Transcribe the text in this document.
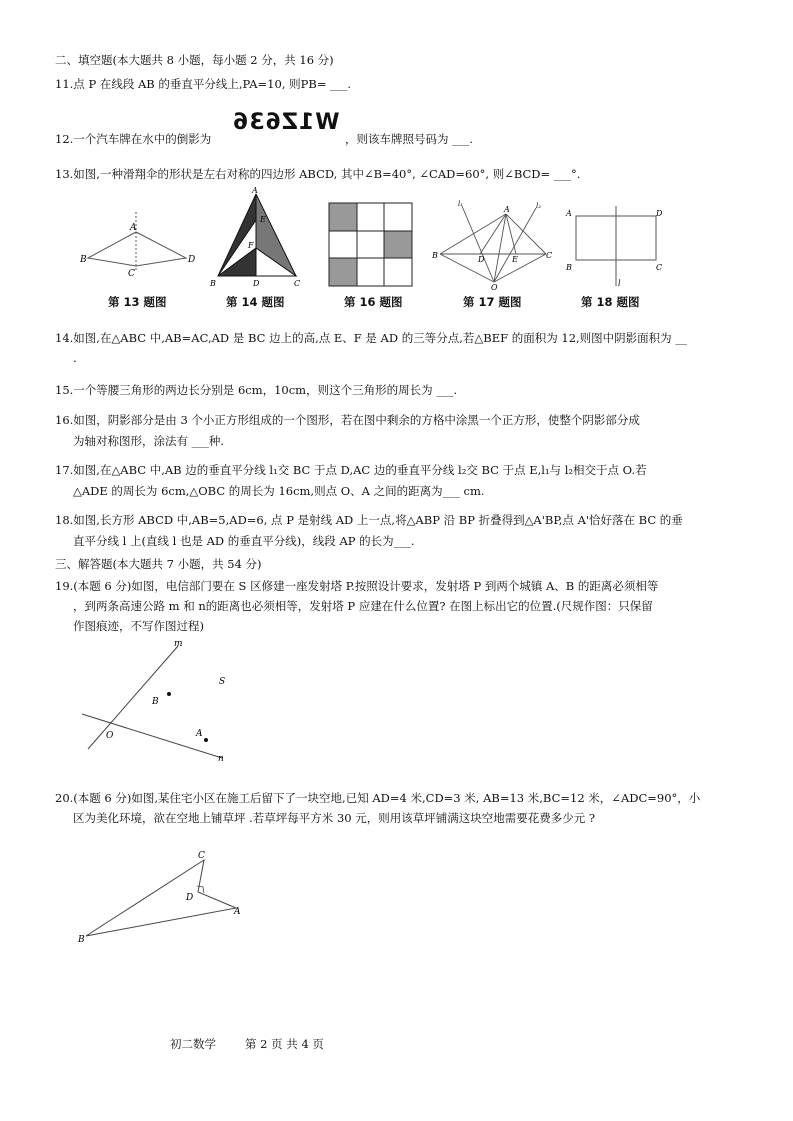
二、填空题(本大题共 8 小题，每小题 2 分，共 16 分)
11.点 P 在线段 AB 的垂直平分线上,PA=10, 则PB= ___.
12.一个汽车牌在水中的倒影为
W1Z636
，则该车牌照号码为 ___.
13.如图,一种滑翔伞的形状是左右对称的四边形 ABCD, 其中∠B=40°, ∠CAD=60°, 则∠BCD= ___°.
A
B
C
D
A
E
F
B	D	C
A
B	D	E	C
O
l₁	l₂
A	D
B	C
l
第 13 题图	第 14 题图	第 16 题图	第 17 题图	第 18 题图
14.如图,在△ABC 中,AB=AC,AD 是 BC 边上的高,点 E、F 是 AD 的三等分点,若△BEF 的面积为 12,则图中阴影面积为 __
.
15.一个等腰三角形的两边长分别是 6cm，10cm，则这个三角形的周长为 ___.
16.如图，阴影部分是由 3 个小正方形组成的一个图形，若在图中剩余的方格中涂黑一个正方形，使整个阴影部分成
为轴对称图形，涂法有 ___种.
17.如图,在△ABC 中,AB 边的垂直平分线 l₁交 BC 于点 D,AC 边的垂直平分线 l₂交 BC 于点 E,l₁与 l₂相交于点 O.若
△ADE 的周长为 6cm,△OBC 的周长为 16cm,则点 O、A 之间的距离为___ cm.
18.如图,长方形 ABCD 中,AB=5,AD=6, 点 P 是射线 AD 上一点,将△ABP 沿 BP 折叠得到△A'BP,点 A'恰好落在 BC 的垂
直平分线 l 上(直线 l 也是 AD 的垂直平分线)，线段 AP 的长为___.
三、解答题(本大题共 7 小题，共 54 分)
19.(本题 6 分)如图，电信部门要在 S 区修建一座发射塔 P.按照设计要求，发射塔 P 到两个城镇 A、B 的距离必须相等
，到两条高速公路 m 和 n的距离也必须相等，发射塔 P 应建在什么位置? 在图上标出它的位置.(尺规作图：只保留
作图痕迹，不写作图过程)
m
S
B
A
O
n
20.(本题 6 分)如图,某住宅小区在施工后留下了一块空地,已知 AD=4 米,CD=3 米, AB=13 米,BC=12 米，∠ADC=90°，小
区为美化环境，欲在空地上铺草坪 .若草坪每平方米 30 元，则用该草坪铺满这块空地需要花费多少元 ?
C
D
A
B
初二数学	第 2 页 共 4 页
